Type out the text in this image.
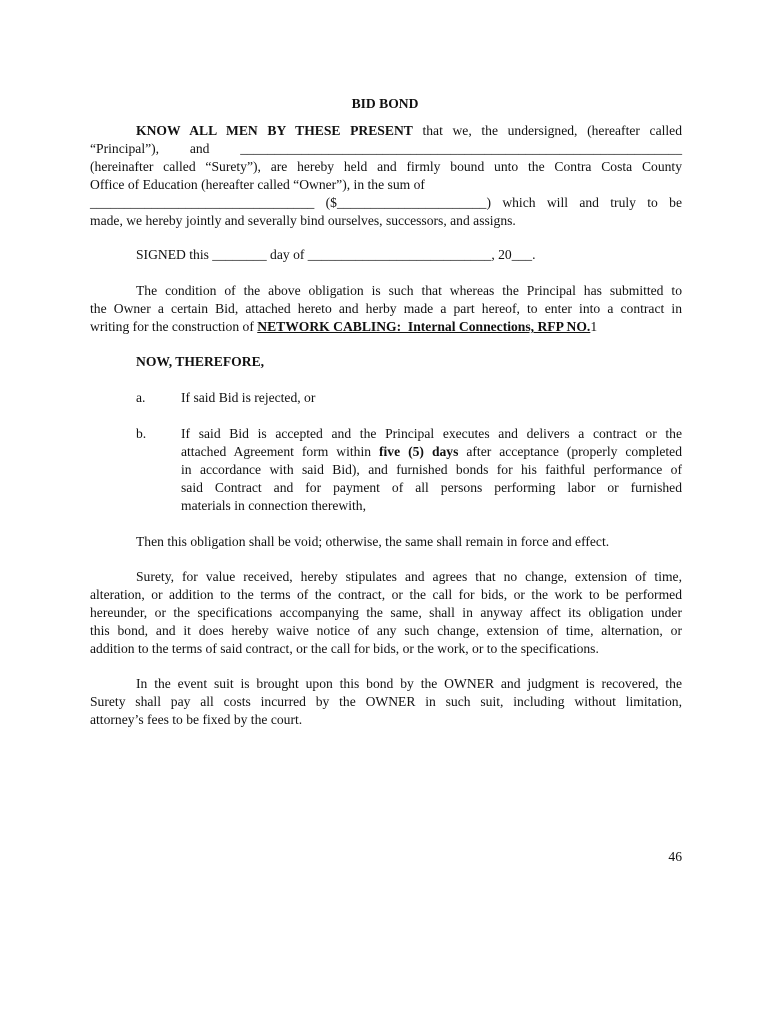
BID BOND

KNOW ALL MEN BY THESE PRESENT that we, the undersigned, (hereafter called

“Principal”), and _________________________________________________________________

(hereinafter called “Surety”), are hereby held and firmly bound unto the Contra Costa County

Office of Education (hereafter called “Owner”), in the sum of

_________________________________ ($______________________) which will and truly to be

made, we hereby jointly and severally bind ourselves, successors, and assigns.

SIGNED this ________ day of ___________________________, 20___.

The condition of the above obligation is such that whereas the Principal has submitted to

the Owner a certain Bid, attached hereto and herby made a part hereof, to enter into a contract in

writing for the construction of NETWORK CABLING:  Internal Connections, RFP NO.1

NOW, THEREFORE,

a.	If said Bid is rejected, or

b.	If said Bid is accepted and the Principal executes and delivers a contract or the

attached Agreement form within five (5) days after acceptance (properly completed

in accordance with said Bid), and furnished bonds for his faithful performance of

said Contract and for payment of all persons performing labor or furnished

materials in connection therewith,

Then this obligation shall be void; otherwise, the same shall remain in force and effect.

Surety, for value received, hereby stipulates and agrees that no change, extension of time,

alteration, or addition to the terms of the contract, or the call for bids, or the work to be performed

hereunder, or the specifications accompanying the same, shall in anyway affect its obligation under

this bond, and it does hereby waive notice of any such change, extension of time, alternation, or

addition to the terms of said contract, or the call for bids, or the work, or to the specifications.

In the event suit is brought upon this bond by the OWNER and judgment is recovered, the

Surety shall pay all costs incurred by the OWNER in such suit, including without limitation,

attorney’s fees to be fixed by the court.

46
